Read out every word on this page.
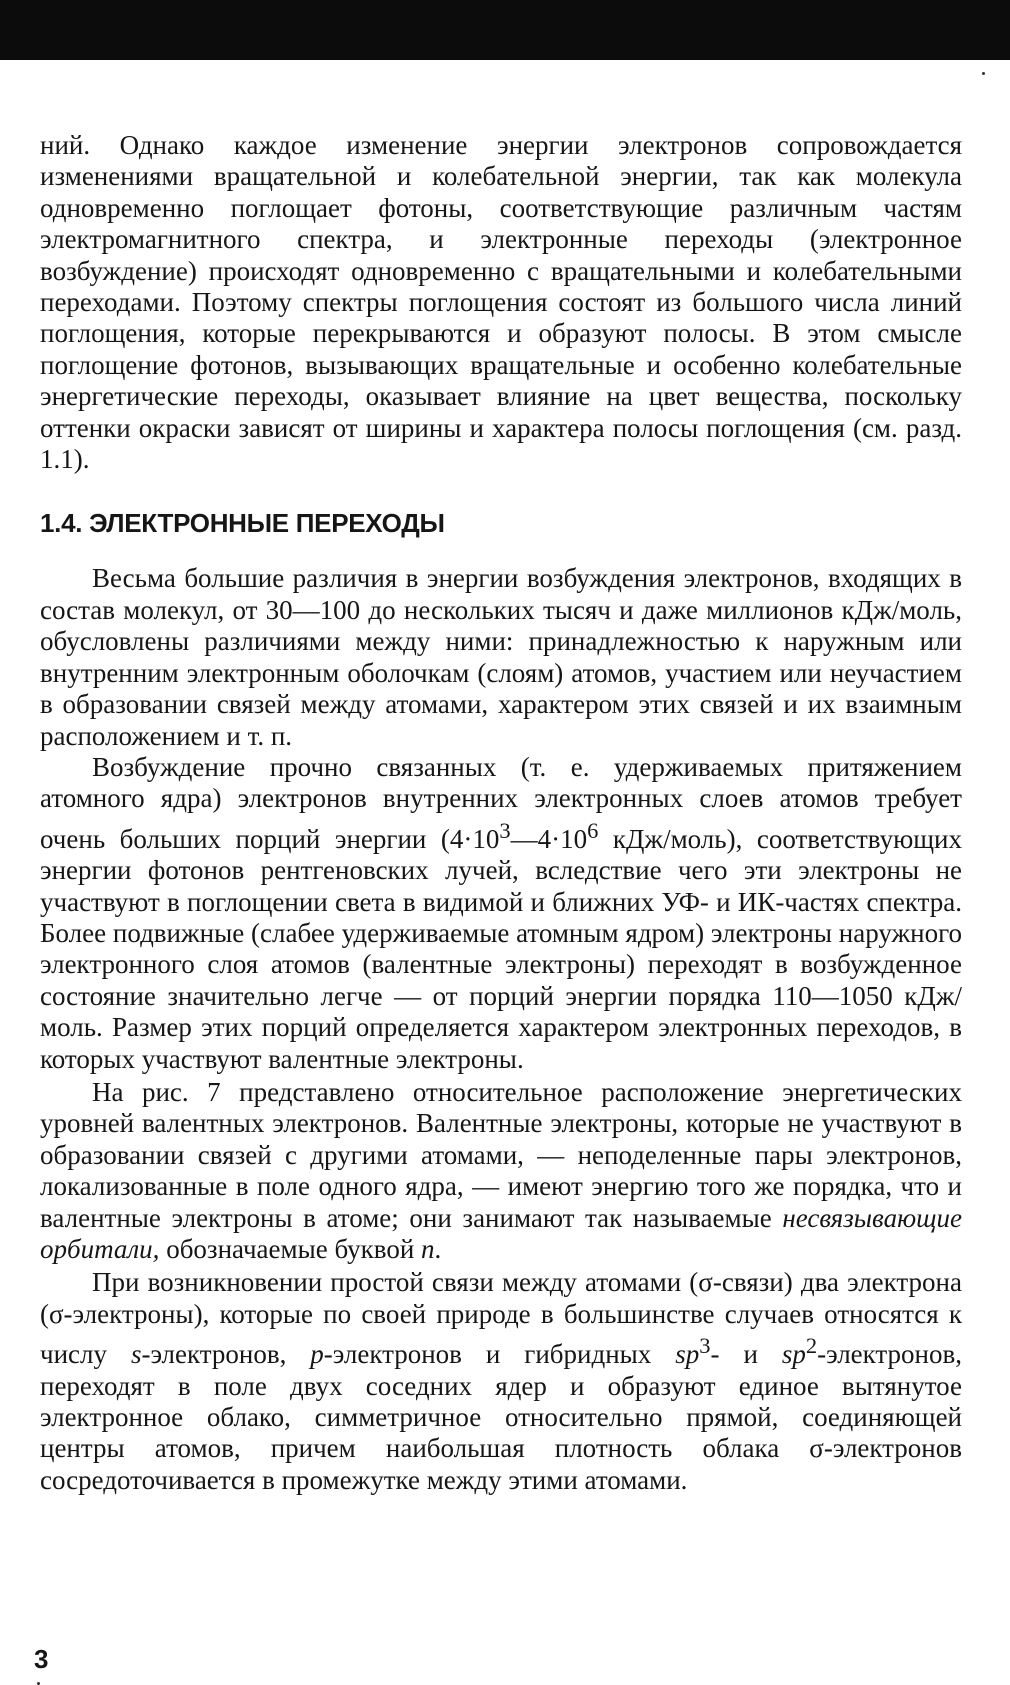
ний. Однако каждое изменение энергии электронов сопровождается изменениями вращательной и колебательной энергии, так как молекула одновременно поглощает фотоны, соответствующие различным частям электромагнитного спектра, и электронные переходы (электронное возбуждение) происходят одновременно с вращательными и колебательными переходами. Поэтому спектры поглощения состоят из большого числа линий поглощения, которые перекрываются и образуют полосы. В этом смысле поглощение фотонов, вызывающих вращательные и особенно колебательные энергетические переходы, оказывает влияние на цвет вещества, поскольку оттенки окраски зависят от ширины и характера полосы поглощения (см. разд. 1.1).

1.4. ЭЛЕКТРОННЫЕ ПЕРЕХОДЫ

Весьма большие различия в энергии возбуждения электронов, входящих в состав молекул, от 30—100 до нескольких тысяч и даже миллионов кДж/моль, обусловлены различиями между ними: принадлежностью к наружным или внутренним электронным оболочкам (слоям) атомов, участием или неучастием в образовании связей между атомами, характером этих связей и их взаимным расположением и т. п.

Возбуждение прочно связанных (т. е. удерживаемых притяжением атомного ядра) электронов внутренних электронных слоев атомов требует очень больших порций энергии ($4\cdot 10^3—4\cdot 10^6$ кДж/моль), соответствующих энергии фотонов рентгеновских лучей, вследствие чего эти электроны не участвуют в поглощении света в видимой и ближних УФ- и ИК-частях спектра. Более подвижные (слабее удерживаемые атомным ядром) электроны наружного электронного слоя атомов (валентные электроны) переходят в возбужденное состояние значительно легче — от порций энергии порядка 110—1050 кДж/моль. Размер этих порций определяется характером электронных переходов, в которых участвуют валентные электроны.

На рис. 7 представлено относительное расположение энергетических уровней валентных электронов. Валентные электроны, которые не участвуют в образовании связей с другими атомами, — неподеленные пары электронов, локализованные в поле одного ядра, — имеют энергию того же порядка, что и валентные электроны в атоме; они занимают так называемые несвязывающие орбитали, обозначаемые буквой n.

При возникновении простой связи между атомами (σ-связи) два электрона (σ-электроны), которые по своей природе в большинстве случаев относятся к числу s-электронов, p-электронов и гибридных $sp^3-$ и $sp^2$-электронов, переходят в поле двух соседних ядер и образуют единое вытянутое электронное облако, симметричное относительно прямой, соединяющей центры атомов, причем наибольшая плотность облака σ-электронов сосредоточивается в промежутке между этими атомами.

3
